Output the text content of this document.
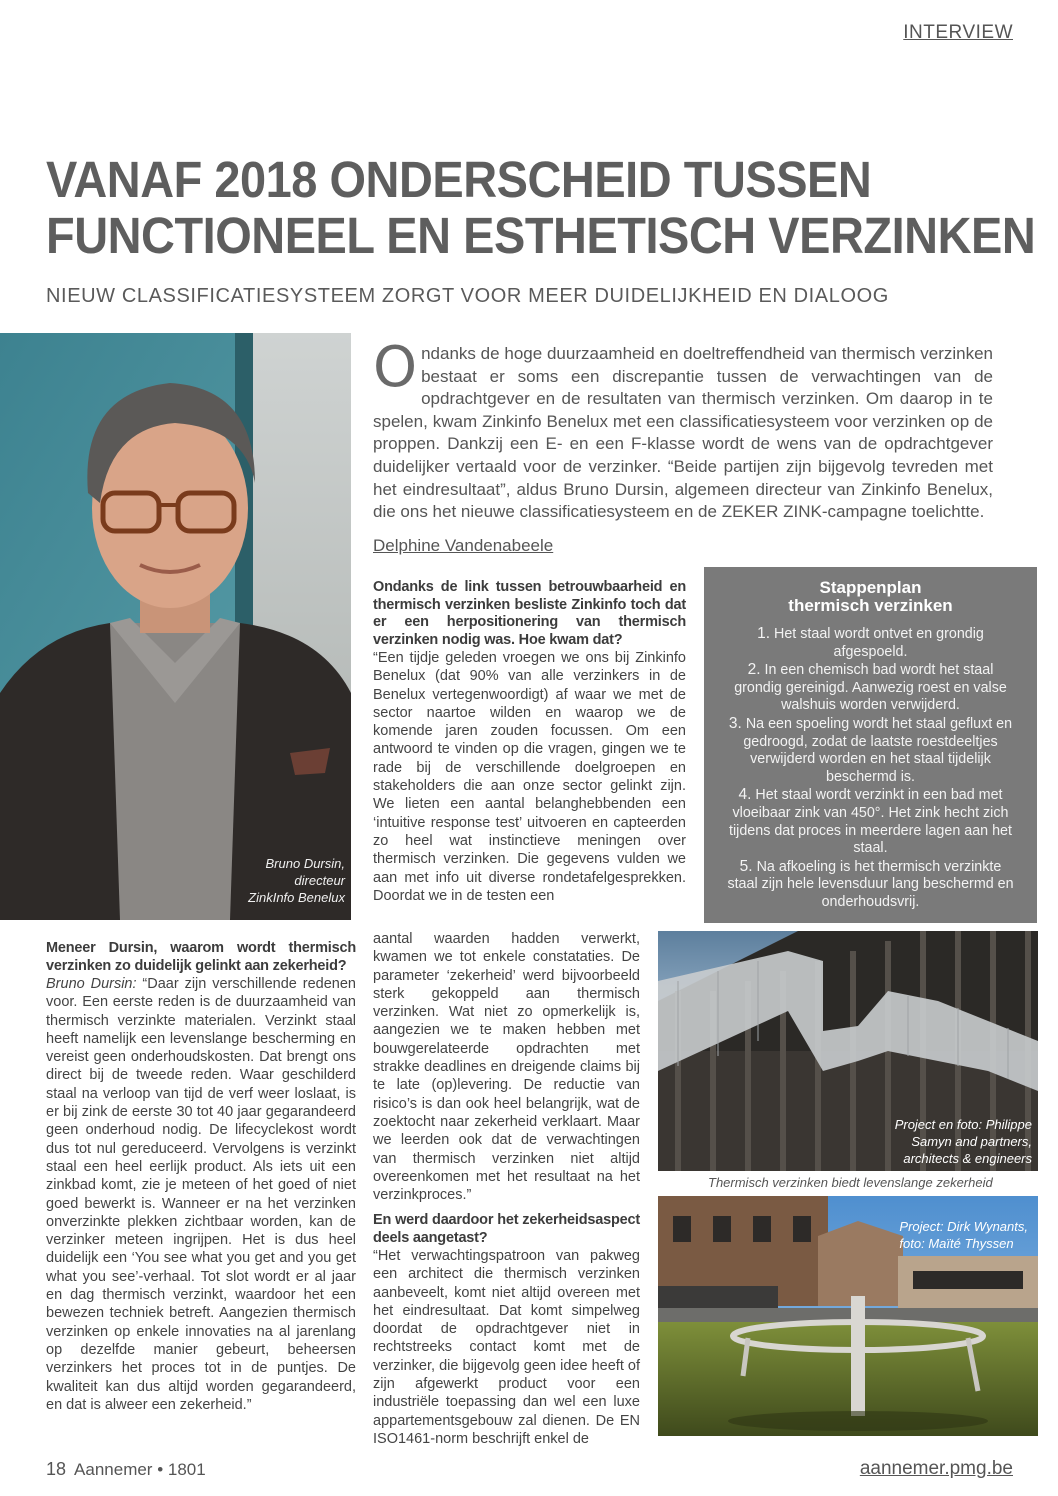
INTERVIEW
VANAF 2018 ONDERSCHEID TUSSEN
FUNCTIONEEL EN ESTHETISCH VERZINKEN
NIEUW CLASSIFICATIESYSTEEM ZORGT VOOR MEER DUIDELIJKHEID EN DIALOOG
Bruno Dursin,
directeur
ZinkInfo Benelux
Ondanks de hoge duurzaamheid en doeltreffendheid van thermisch verzinken bestaat er soms een discrepantie tussen de verwachtingen van de opdrachtgever en de resultaten van thermisch verzinken. Om daarop in te spelen, kwam Zinkinfo Benelux met een classificatiesysteem voor verzinken op de proppen. Dankzij een E- en een F-klasse wordt de wens van de opdrachtgever duidelijker vertaald voor de verzinker. “Beide partijen zijn bijgevolg tevreden met het eindresultaat”, aldus Bruno Dursin, algemeen directeur van Zinkinfo Benelux, die ons het nieuwe classificatiesysteem en de ZEKER ZINK-campagne toelichtte.
Delphine Vandenabeele
Meneer Dursin, waarom wordt thermisch verzinken zo duidelijk gelinkt aan zekerheid?
Bruno Dursin: “Daar zijn verschillende redenen voor. Een eerste reden is de duurzaamheid van thermisch verzinkte materialen. Verzinkt staal heeft namelijk een levenslange bescherming en vereist geen onderhoudskosten. Dat brengt ons direct bij de tweede reden. Waar geschilderd staal na verloop van tijd de verf weer loslaat, is er bij zink de eerste 30 tot 40 jaar gegarandeerd geen onderhoud nodig. De lifecyclekost wordt dus tot nul gereduceerd. Vervolgens is verzinkt staal een heel eerlijk product. Als iets uit een zinkbad komt, zie je meteen of het goed of niet goed bewerkt is. Wanneer er na het verzinken onverzinkte plekken zichtbaar worden, kan de verzinker meteen ingrijpen. Het is dus heel duidelijk een ‘You see what you get and you get what you see’-verhaal. Tot slot wordt er al jaar en dag thermisch verzinkt, waardoor het een bewezen techniek betreft. Aangezien thermisch verzinken op enkele innovaties na al jarenlang op dezelfde manier gebeurt, beheersen verzinkers het proces tot in de puntjes. De kwaliteit kan dus altijd worden gegarandeerd, en dat is alweer een zekerheid.”
Ondanks de link tussen betrouwbaarheid en thermisch verzinken besliste Zinkinfo toch dat er een herpositionering van thermisch verzinken nodig was. Hoe kwam dat?
“Een tijdje geleden vroegen we ons bij Zinkinfo Benelux (dat 90% van alle verzinkers in de Benelux vertegenwoordigt) af waar we met de sector naartoe wilden en waarop we de komende jaren zouden focussen. Om een antwoord te vinden op die vragen, gingen we te rade bij de verschillende doelgroepen en stakeholders die aan onze sector gelinkt zijn. We lieten een aantal belanghebbenden een ‘intuitive response test’ uitvoeren en capteerden zo heel wat instinctieve meningen over thermisch verzinken. Die gegevens vulden we aan met info uit diverse rondetafelgesprekken. Doordat we in de testen een
aantal waarden hadden verwerkt, kwamen we tot enkele constataties. De parameter ‘zekerheid’ werd bijvoorbeeld sterk gekoppeld aan thermisch verzinken. Wat niet zo opmerkelijk is, aangezien we te maken hebben met bouwgerelateerde opdrachten met strakke deadlines en dreigende claims bij te late (op)levering. De reductie van risico’s is dan ook heel belangrijk, wat de zoektocht naar zekerheid verklaart. Maar we leerden ook dat de verwachtingen van thermisch verzinken niet altijd overeenkomen met het resultaat na het verzinkproces.”
En werd daardoor het zekerheidsaspect deels aangetast?
“Het verwachtingspatroon van pakweg een architect die thermisch verzinken aanbeveelt, komt niet altijd overeen met het eindresultaat. Dat komt simpelweg doordat de opdrachtgever niet in rechtstreeks contact komt met de verzinker, die bijgevolg geen idee heeft of zijn afgewerkt product voor een industriële toepassing dan wel een luxe appartementsgebouw zal dienen. De EN ISO1461-norm beschrijft enkel de
Stappenplan
thermisch verzinken
1. Het staal wordt ontvet en grondig afgespoeld.
2. In een chemisch bad wordt het staal grondig gereinigd. Aanwezig roest en valse walshuis worden verwijderd.
3. Na een spoeling wordt het staal gefluxt en gedroogd, zodat de laatste roestdeeltjes verwijderd worden en het staal tijdelijk beschermd is.
4. Het staal wordt verzinkt in een bad met vloeibaar zink van 450°. Het zink hecht zich tijdens dat proces in meerdere lagen aan het staal.
5. Na afkoeling is het thermisch verzinkte staal zijn hele levensduur lang beschermd en onderhoudsvrij.
Project en foto: Philippe
Samyn and partners,
architects & engineers
Thermisch verzinken biedt levenslange zekerheid
Project: Dirk Wynants,
foto: Maïté Thyssen
18 Aannemer • 1801	aannemer.pmg.be
